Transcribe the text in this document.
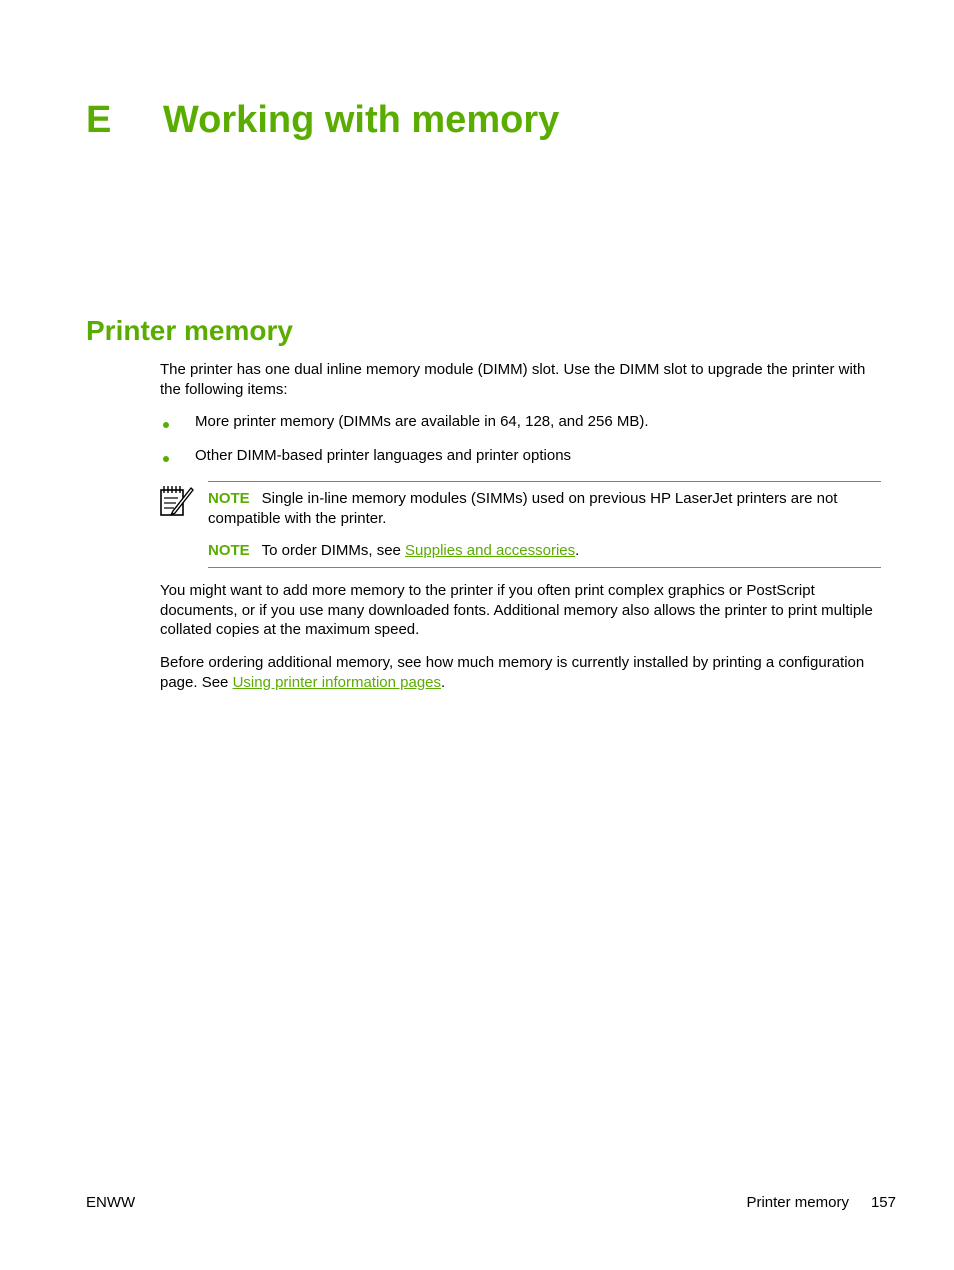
E Working with memory
Printer memory

The printer has one dual inline memory module (DIMM) slot. Use the DIMM slot to upgrade the printer with the following items:

More printer memory (DIMMs are available in 64, 128, and 256 MB).
Other DIMM-based printer languages and printer options

NOTE Single in-line memory modules (SIMMs) used on previous HP LaserJet printers are not compatible with the printer.

NOTE To order DIMMs, see Supplies and accessories.

You might want to add more memory to the printer if you often print complex graphics or PostScript documents, or if you use many downloaded fonts. Additional memory also allows the printer to print multiple collated copies at the maximum speed.

Before ordering additional memory, see how much memory is currently installed by printing a configuration page. See Using printer information pages.

ENWW	Printer memory 157
